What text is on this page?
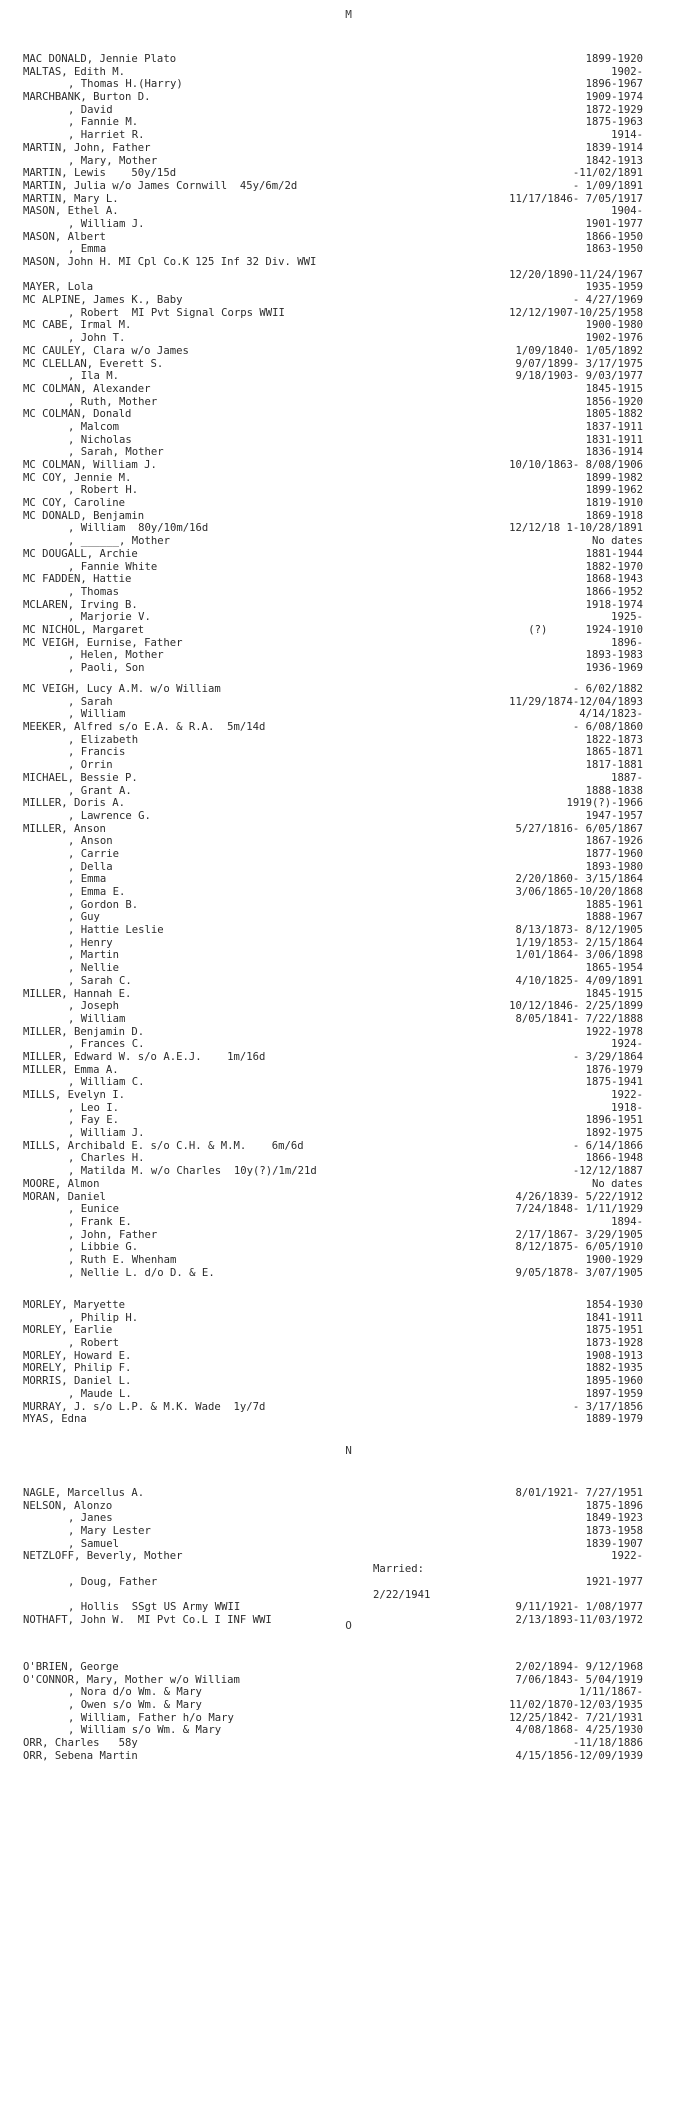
M
MAC DONALD, Jennie Plato	1899-1920
MALTAS, Edith M.	1902-
, Thomas H.(Harry)	1896-1967
MARCHBANK, Burton D.	1909-1974
, David	1872-1929
, Fannie M.	1875-1963
, Harriet R.	1914-
MARTIN, John, Father	1839-1914
, Mary, Mother	1842-1913
MARTIN, Lewis    50y/15d	-11/02/1891
MARTIN, Julia w/o James Cornwill  45y/6m/2d	- 1/09/1891
MARTIN, Mary L.	11/17/1846- 7/05/1917
MASON, Ethel A.	1904-
, William J.	1901-1977
MASON, Albert	1866-1950
, Emma	1863-1950
MASON, John H. MI Cpl Co.K 125 Inf 32 Div. WWI
12/20/1890-11/24/1967
MAYER, Lola	1935-1959
MC ALPINE, James K., Baby	- 4/27/1969
, Robert  MI Pvt Signal Corps WWII	12/12/1907-10/25/1958
MC CABE, Irmal M.	1900-1980
, John T.	1902-1976
MC CAULEY, Clara w/o James	1/09/1840- 1/05/1892
MC CLELLAN, Everett S.	9/07/1899- 3/17/1975
, Ila M.	9/18/1903- 9/03/1977
MC COLMAN, Alexander	1845-1915
, Ruth, Mother	1856-1920
MC COLMAN, Donald	1805-1882
, Malcom	1837-1911
, Nicholas	1831-1911
, Sarah, Mother	1836-1914
MC COLMAN, William J.	10/10/1863- 8/08/1906
MC COY, Jennie M.	1899-1982
, Robert H.	1899-1962
MC COY, Caroline	1819-1910
MC DONALD, Benjamin	1869-1918
, William  80y/10m/16d	12/12/18 1-10/28/1891
, ______, Mother	No dates
MC DOUGALL, Archie	1881-1944
, Fannie White	1882-1970
MC FADDEN, Hattie	1868-1943
, Thomas	1866-1952
MCLAREN, Irving B.	1918-1974
, Marjorie V.	1925-
MC NICHOL, Margaret	(?)      1924-1910
MC VEIGH, Eurnise, Father	1896-
, Helen, Mother	1893-1983
, Paoli, Son	1936-1969
MC VEIGH, Lucy A.M. w/o William	- 6/02/1882
, Sarah	11/29/1874-12/04/1893
, William	4/14/1823-
MEEKER, Alfred s/o E.A. & R.A.  5m/14d	- 6/08/1860
, Elizabeth	1822-1873
, Francis	1865-1871
, Orrin	1817-1881
MICHAEL, Bessie P.	1887-
, Grant A.	1888-1838
MILLER, Doris A.	1919(?)-1966
, Lawrence G.	1947-1957
MILLER, Anson	5/27/1816- 6/05/1867
, Anson	1867-1926
, Carrie	1877-1960
, Della	1893-1980
, Emma	2/20/1860- 3/15/1864
, Emma E.	3/06/1865-10/20/1868
, Gordon B.	1885-1961
, Guy	1888-1967
, Hattie Leslie	8/13/1873- 8/12/1905
, Henry	1/19/1853- 2/15/1864
, Martin	1/01/1864- 3/06/1898
, Nellie	1865-1954
, Sarah C.	4/10/1825- 4/09/1891
MILLER, Hannah E.	1845-1915
, Joseph	10/12/1846- 2/25/1899
, William	8/05/1841- 7/22/1888
MILLER, Benjamin D.	1922-1978
, Frances C.	1924-
MILLER, Edward W. s/o A.E.J.    1m/16d	- 3/29/1864
MILLER, Emma A.	1876-1979
, William C.	1875-1941
MILLS, Evelyn I.	1922-
, Leo I.	1918-
, Fay E.	1896-1951
, William J.	1892-1975
MILLS, Archibald E. s/o C.H. & M.M.    6m/6d	- 6/14/1866
, Charles H.	1866-1948
, Matilda M. w/o Charles  10y(?)/1m/21d	-12/12/1887
MOORE, Almon	No dates
MORAN, Daniel	4/26/1839- 5/22/1912
, Eunice	7/24/1848- 1/11/1929
, Frank E.	1894-
, John, Father	2/17/1867- 3/29/1905
, Libbie G.	8/12/1875- 6/05/1910
, Ruth E. Whenham	1900-1929
, Nellie L. d/o D. & E.	9/05/1878- 3/07/1905
MORLEY, Maryette	1854-1930
, Philip H.	1841-1911
MORLEY, Earlie	1875-1951
, Robert	1873-1928
MORLEY, Howard E.	1908-1913
MORELY, Philip F.	1882-1935
MORRIS, Daniel L.	1895-1960
, Maude L.	1897-1959
MURRAY, J. s/o L.P. & M.K. Wade  1y/7d	- 3/17/1856
MYAS, Edna	1889-1979
N
NAGLE, Marcellus A.	8/01/1921- 7/27/1951
NELSON, Alonzo	1875-1896
, Janes	1849-1923
, Mary Lester	1873-1958
, Samuel	1839-1907
NETZLOFF, Beverly, Mother	1922-
Married:
, Doug, Father	1921-1977
2/22/1941
, Hollis  SSgt US Army WWII	9/11/1921- 1/08/1977
NOTHAFT, John W.  MI Pvt Co.L I INF WWI	2/13/1893-11/03/1972
O
O'BRIEN, George	2/02/1894- 9/12/1968
O'CONNOR, Mary, Mother w/o William	7/06/1843- 5/04/1919
, Nora d/o Wm. & Mary	1/11/1867-
, Owen s/o Wm. & Mary	11/02/1870-12/03/1935
, William, Father h/o Mary	12/25/1842- 7/21/1931
, William s/o Wm. & Mary	4/08/1868- 4/25/1930
ORR, Charles   58y	-11/18/1886
ORR, Sebena Martin	4/15/1856-12/09/1939
